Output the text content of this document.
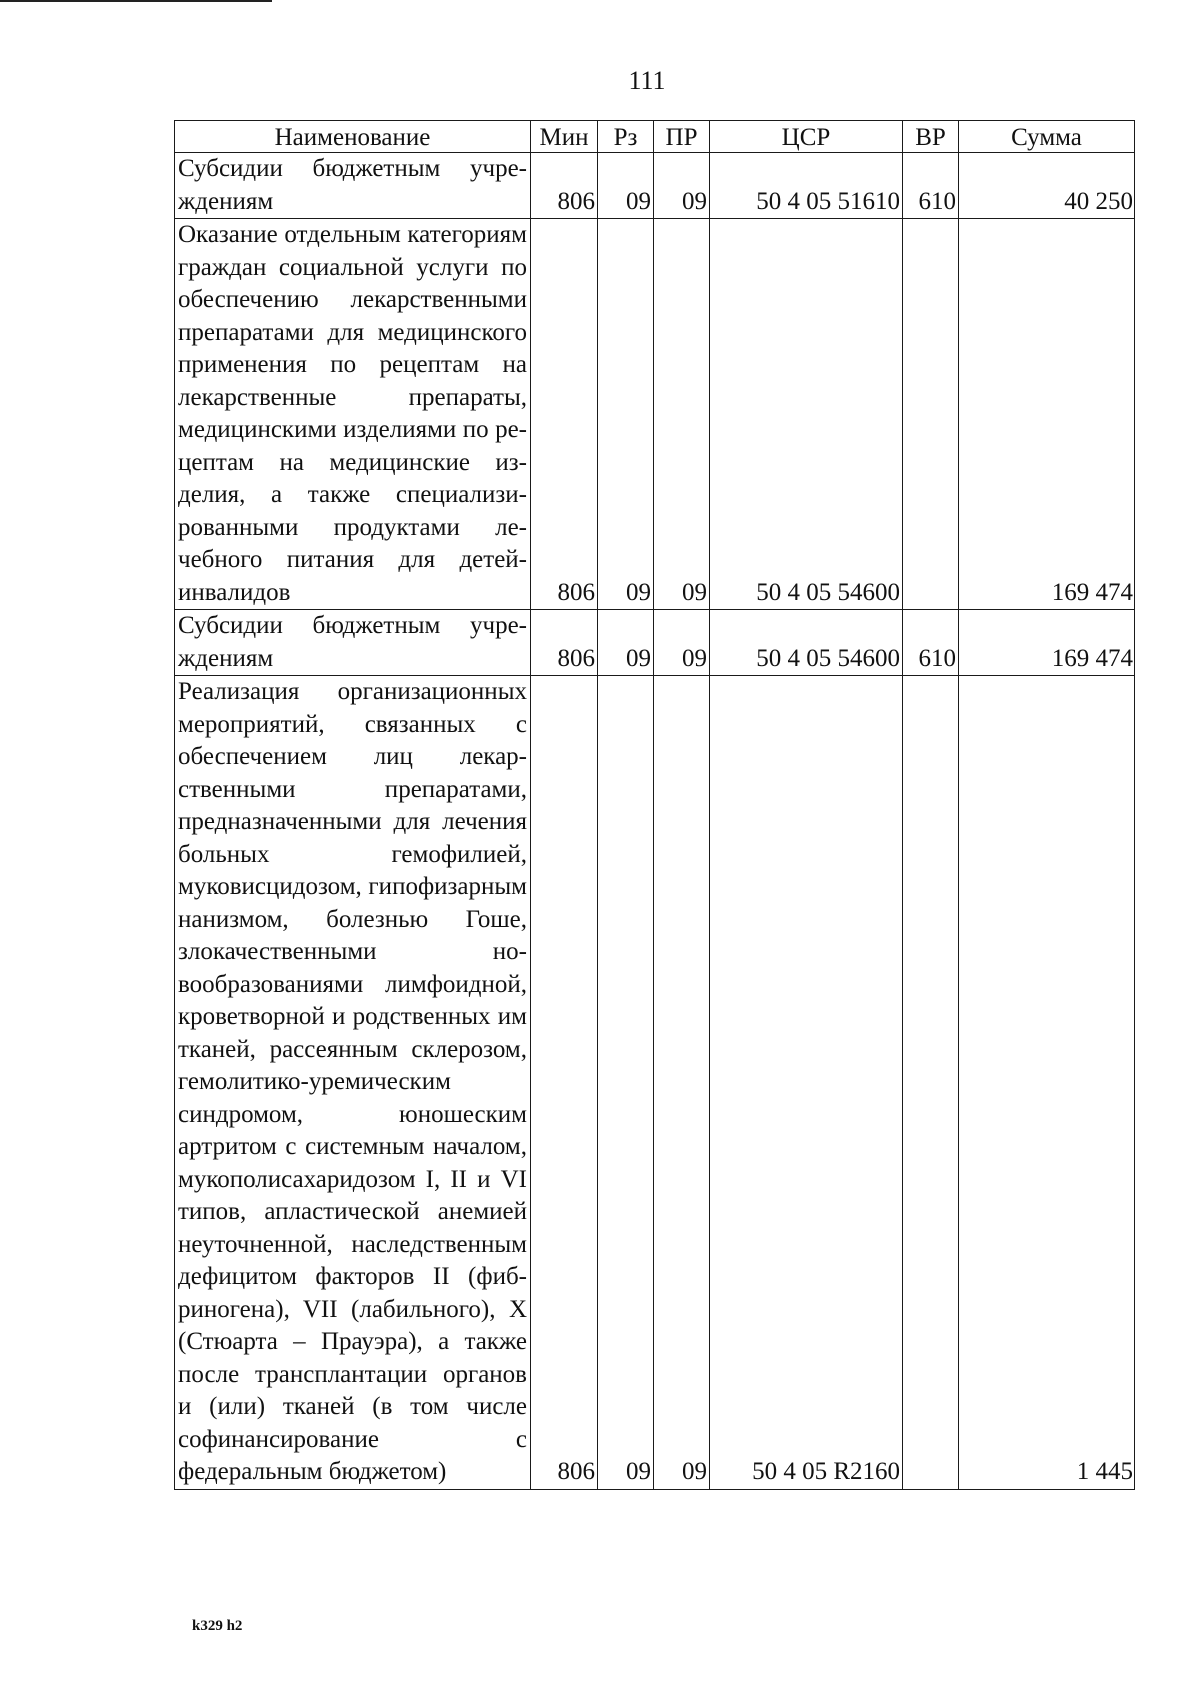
111
Наименование	Мин	Рз	ПР	ЦСР	ВР	Сумма
Субсидии бюджетным учреждениям	806	09	09	50 4 05 51610	610	40 250
Оказание отдельным категориям граждан социальной услуги по обеспечению лекарственными препаратами для медицинского применения по рецептам на лекарственные препараты, медицинскими изделиями по рецептам на медицинские изделия, а также специализированными продуктами лечебного питания для детей-инвалидов	806	09	09	50 4 05 54600		169 474
Субсидии бюджетным учреждениям	806	09	09	50 4 05 54600	610	169 474
Реализация организационных мероприятий, связанных с обеспечением лиц лекарственными препаратами, предназначенными для лечения больных гемофилией, муковисцидозом, гипофизарным нанизмом, болезнью Гоше, злокачественными новообразованиями лимфоидной, кроветворной и родственных им тканей, рассеянным склерозом, гемолитико-уремическим синдромом, юношеским артритом с системным началом, мукополисахаридозом I, II и VI типов, апластической анемией неуточненной, наследственным дефицитом факторов II (фибриногена), VII (лабильного), X (Стюарта – Прауэра), а также после трансплантации органов и (или) тканей (в том числе софинансирование с федеральным бюджетом)	806	09	09	50 4 05 R2160		1 445
k329 h2
